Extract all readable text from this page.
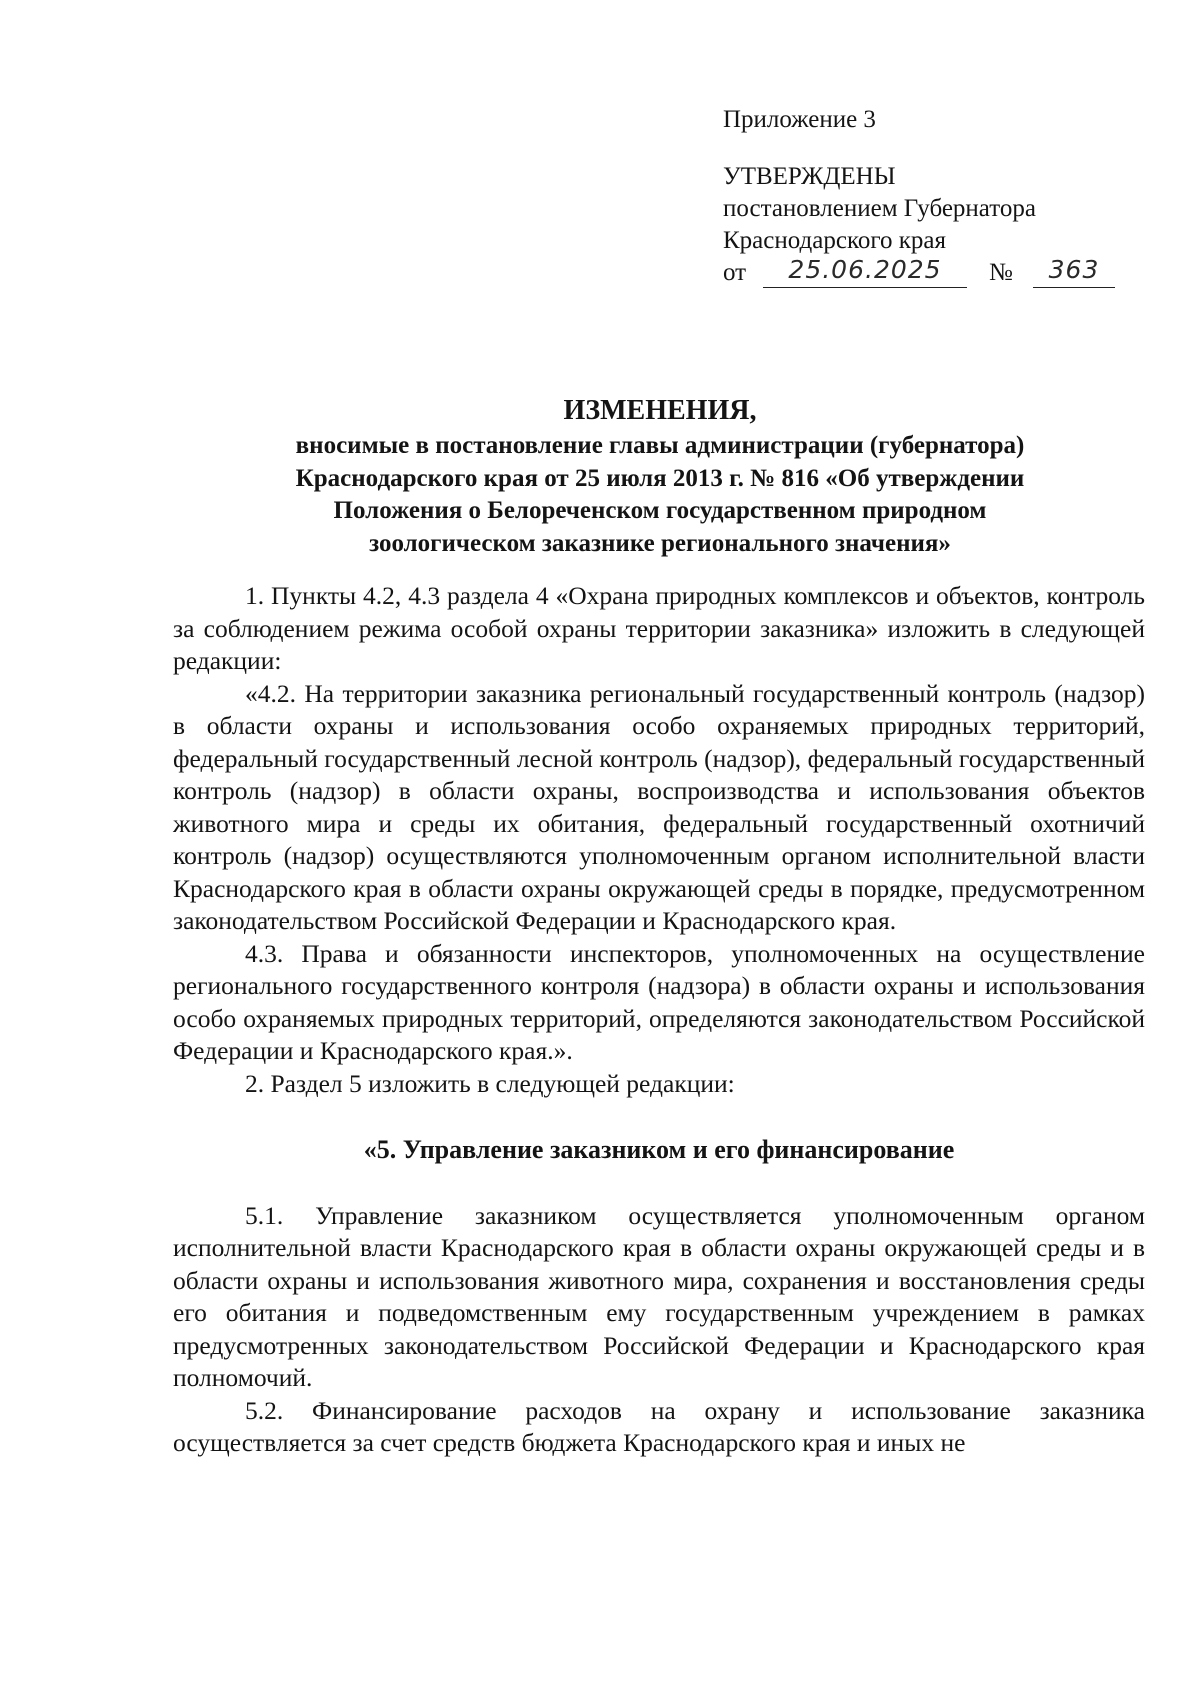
Приложение 3
УТВЕРЖДЕНЫ
постановлением Губернатора
Краснодарского края
от	25.06.2025	№	363
ИЗМЕНЕНИЯ,
вносимые в постановление главы администрации (губернатора)
Краснодарского края от 25 июля 2013 г. № 816 «Об утверждении
Положения о Белореченском государственном природном
зоологическом заказнике регионального значения»

1. Пункты 4.2, 4.3 раздела 4 «Охрана природных комплексов и объектов, контроль за соблюдением режима особой охраны территории заказника» изложить в следующей редакции:

«4.2. На территории заказника региональный государственный контроль (надзор) в области охраны и использования особо охраняемых природных территорий, федеральный государственный лесной контроль (надзор), федеральный государственный контроль (надзор) в области охраны, воспроизводства и использования объектов животного мира и среды их обитания, федеральный государственный охотничий контроль (надзор) осуществляются уполномоченным органом исполнительной власти Краснодарского края в области охраны окружающей среды в порядке, предусмотренном законодательством Российской Федерации и Краснодарского края.

4.3. Права и обязанности инспекторов, уполномоченных на осуществление регионального государственного контроля (надзора) в области охраны и использования особо охраняемых природных территорий, определяются законодательством Российской Федерации и Краснодарского края.».

2. Раздел 5 изложить в следующей редакции:

«5. Управление заказником и его финансирование

5.1. Управление заказником осуществляется уполномоченным органом исполнительной власти Краснодарского края в области охраны окружающей среды и в области охраны и использования животного мира, сохранения и восстановления среды его обитания и подведомственным ему государственным учреждением в рамках предусмотренных законодательством Российской Федерации и Краснодарского края полномочий.

5.2. Финансирование расходов на охрану и использование заказника осуществляется за счет средств бюджета Краснодарского края и иных не
